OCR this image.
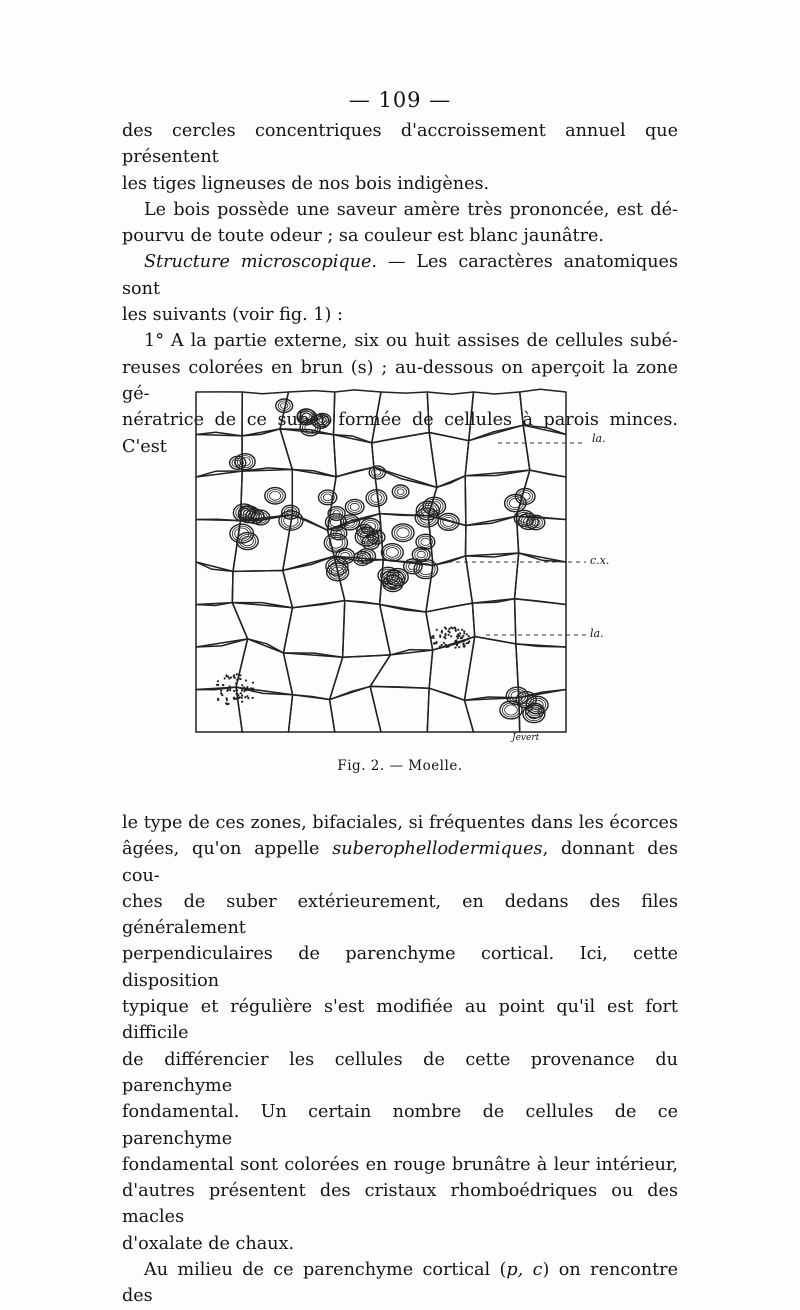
— 109 —

des cercles concentriques d'accroissement annuel que présentent

les tiges ligneuses de nos bois indigènes.

Le bois possède une saveur amère très prononcée, est dé-

pourvu de toute odeur ; sa couleur est blanc jaunâtre.

Structure microscopique. — Les caractères anatomiques sont

les suivants (voir fig. 1) :

1° A la partie externe, six ou huit assises de cellules subé-

reuses colorées en brun (s) ; au-dessous on aperçoit la zone gé-

nératrice de ce suber formée de cellules à parois minces. C'est	la.
c.x.
la.
Jevert
Fig. 2. — Moelle.

le type de ces zones, bifaciales, si fréquentes dans les écorces

âgées, qu'on appelle suberophellodermiques, donnant des cou-

ches de suber extérieurement, en dedans des files généralement

perpendiculaires de parenchyme cortical. Ici, cette disposition

typique et régulière s'est modifiée au point qu'il est fort difficile

de différencier les cellules de cette provenance du parenchyme

fondamental. Un certain nombre de cellules de ce parenchyme

fondamental sont colorées en rouge brunâtre à leur intérieur,

d'autres présentent des cristaux rhomboédriques ou des macles

d'oxalate de chaux.

Au milieu de ce parenchyme cortical (p, c) on rencontre des
